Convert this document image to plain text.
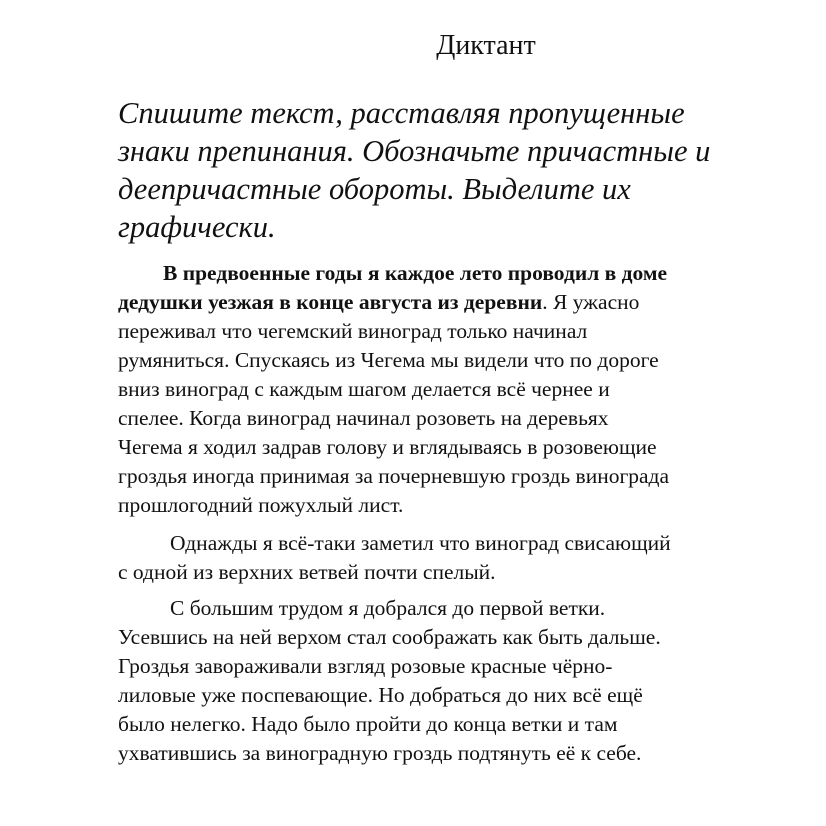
Диктант
Спишите текст, расставляя пропущенные
знаки препинания. Обозначьте причастные и
деепричастные обороты. Выделите их
графически.
В предвоенные годы я каждое лето проводил в доме
дедушки уезжая в конце августа из деревни. Я ужасно
переживал что чегемский виноград только начинал
румяниться. Спускаясь из Чегема мы видели что по дороге
вниз виноград с каждым шагом делается всё чернее и
спелее. Когда виноград начинал розоветь на деревьях
Чегема я ходил задрав голову и вглядываясь в розовеющие
гроздья иногда принимая за почерневшую гроздь винограда
прошлогодний пожухлый лист.
Однажды я всё-таки заметил что виноград свисающий
с одной из верхних ветвей почти спелый.
С большим трудом я добрался до первой ветки.
Усевшись на ней верхом стал соображать как быть дальше.
Гроздья завораживали взгляд розовые красные чёрно-
лиловые уже поспевающие. Но добраться до них всё ещё
было нелегко. Надо было пройти до конца ветки и там
ухватившись за виноградную гроздь подтянуть её к себе.
